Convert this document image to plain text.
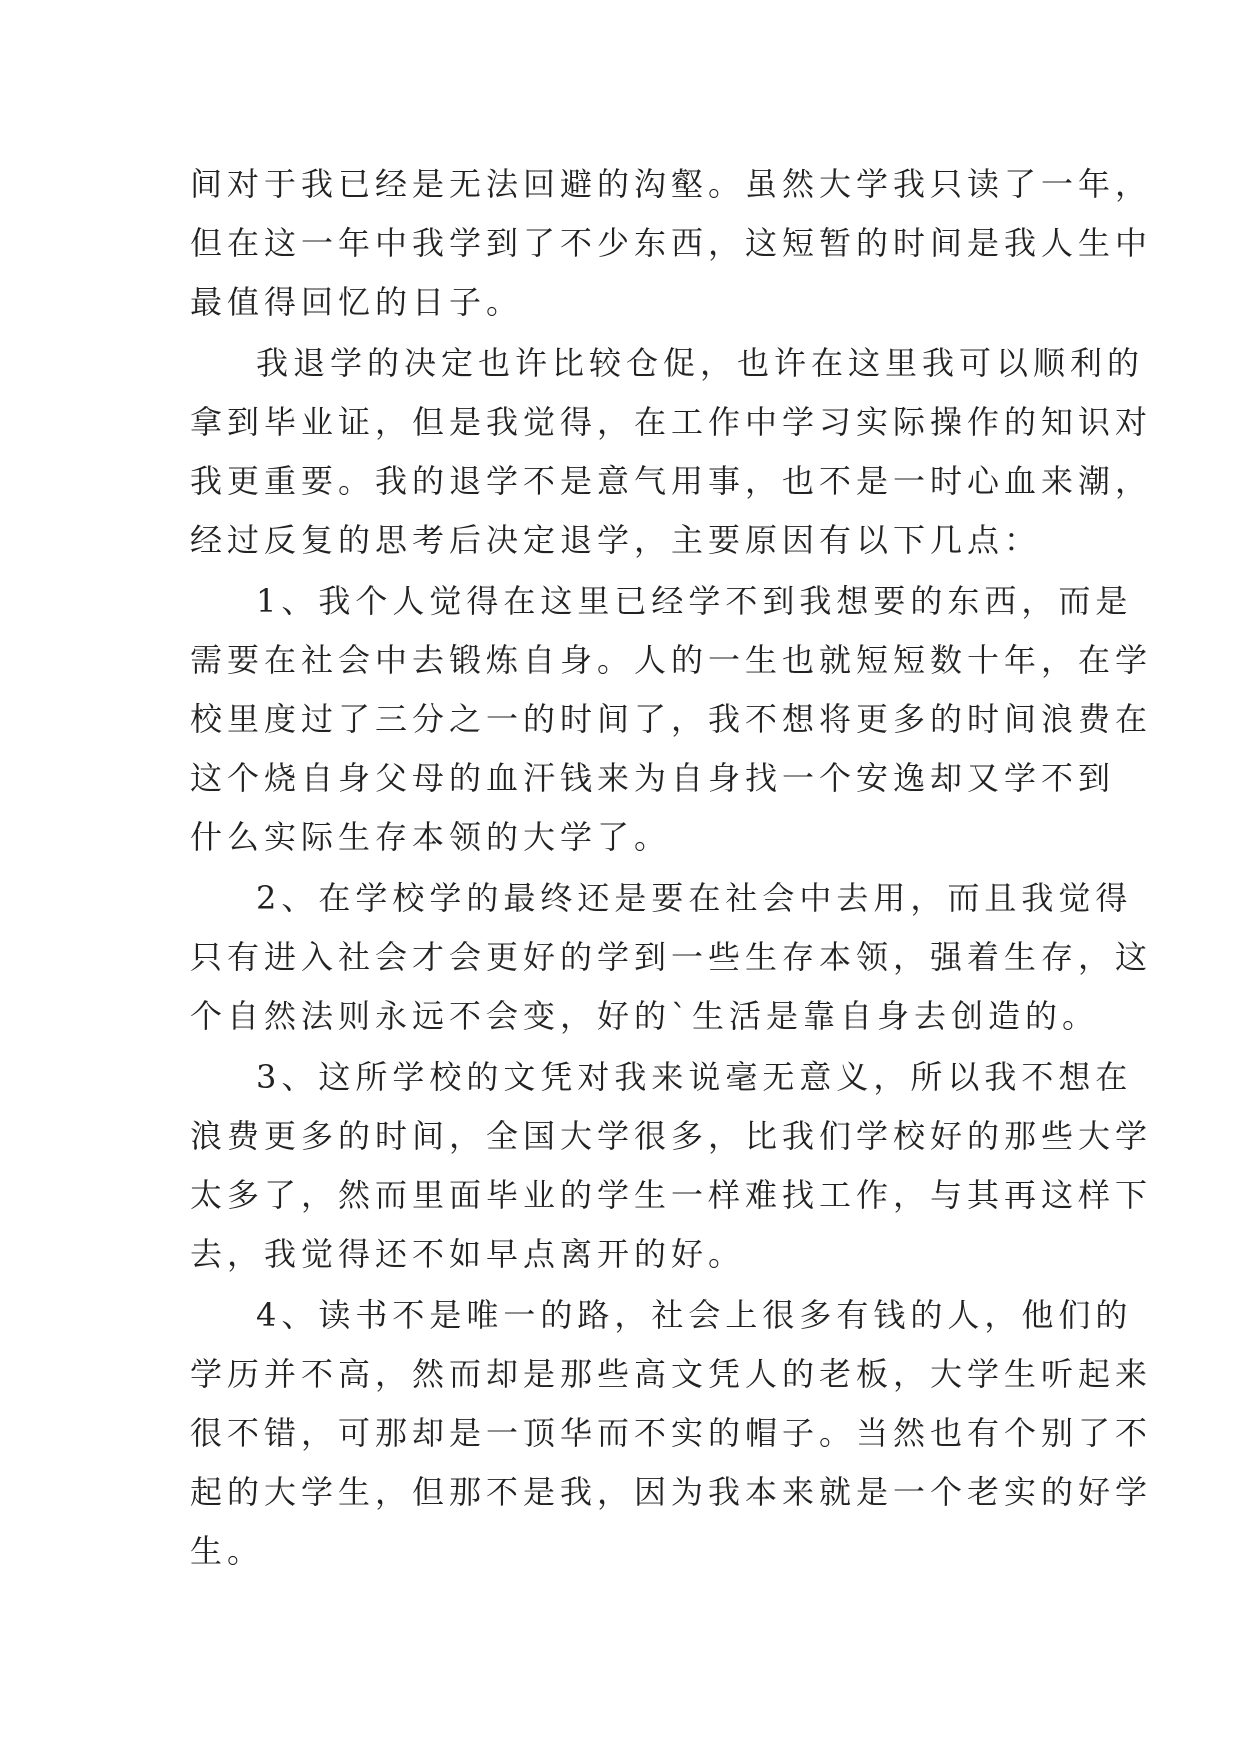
间对于我已经是无法回避的沟壑。虽然大学我只读了一年，
但在这一年中我学到了不少东西，这短暂的时间是我人生中
最值得回忆的日子。
我退学的决定也许比较仓促，也许在这里我可以顺利的
拿到毕业证，但是我觉得，在工作中学习实际操作的知识对
我更重要。我的退学不是意气用事，也不是一时心血来潮，
经过反复的思考后决定退学，主要原因有以下几点：
1、我个人觉得在这里已经学不到我想要的东西，而是
需要在社会中去锻炼自身。人的一生也就短短数十年，在学
校里度过了三分之一的时间了，我不想将更多的时间浪费在
这个烧自身父母的血汗钱来为自身找一个安逸却又学不到
什么实际生存本领的大学了。
2、在学校学的最终还是要在社会中去用，而且我觉得
只有进入社会才会更好的学到一些生存本领，强着生存，这
个自然法则永远不会变，好的`生活是靠自身去创造的。
3、这所学校的文凭对我来说毫无意义，所以我不想在
浪费更多的时间，全国大学很多，比我们学校好的那些大学
太多了，然而里面毕业的学生一样难找工作，与其再这样下
去，我觉得还不如早点离开的好。
4、读书不是唯一的路，社会上很多有钱的人，他们的
学历并不高，然而却是那些高文凭人的老板，大学生听起来
很不错，可那却是一顶华而不实的帽子。当然也有个别了不
起的大学生，但那不是我，因为我本来就是一个老实的好学
生。
